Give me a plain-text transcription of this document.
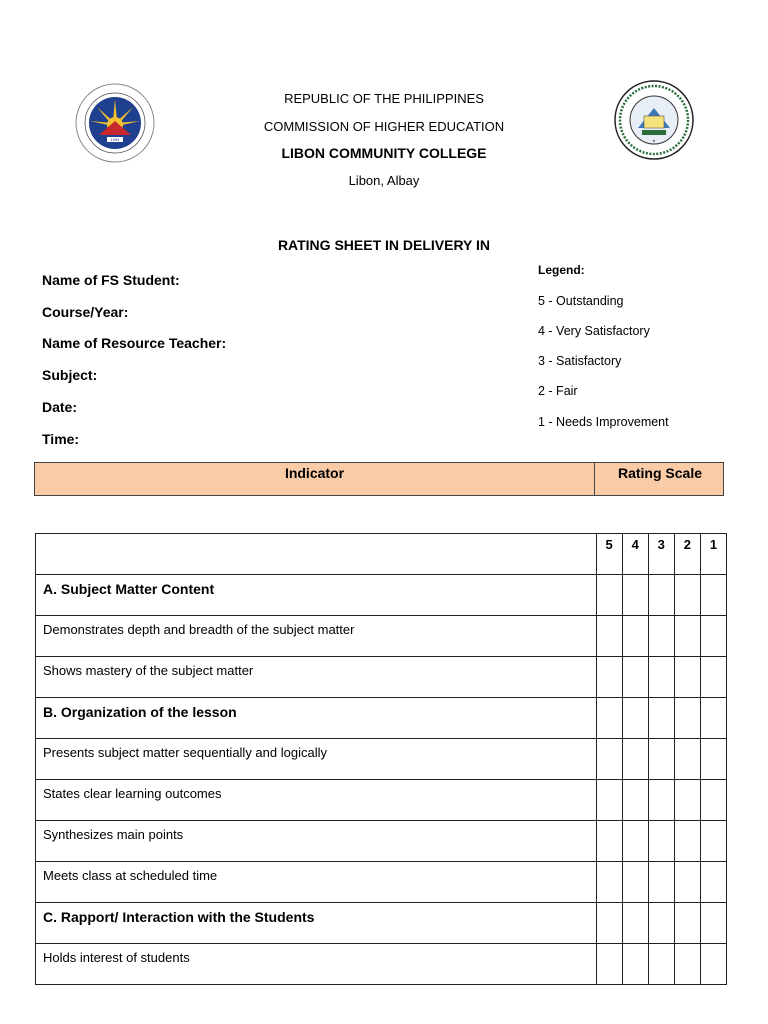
1994	★
REPUBLIC OF THE PHILIPPINES
COMMISSION OF HIGHER EDUCATION
LIBON COMMUNITY COLLEGE
Libon, Albay
RATING SHEET IN DELIVERY IN
Name of FS Student:
Course/Year:
Name of Resource Teacher:
Subject:
Date:
Time:
Legend:
5 - Outstanding
4 - Very Satisfactory
3 - Satisfactory
2 - Fair
1 - Needs Improvement
Indicator	Rating Scale
	5	4	3	2	1
A. Subject Matter Content					
Demonstrates depth and breadth of the subject matter					
Shows mastery of the subject matter					
B. Organization of the lesson					
Presents subject matter sequentially and logically					
States clear learning outcomes					
Synthesizes main points					
Meets class at scheduled time					
C. Rapport/ Interaction with the Students					
Holds interest of students					
